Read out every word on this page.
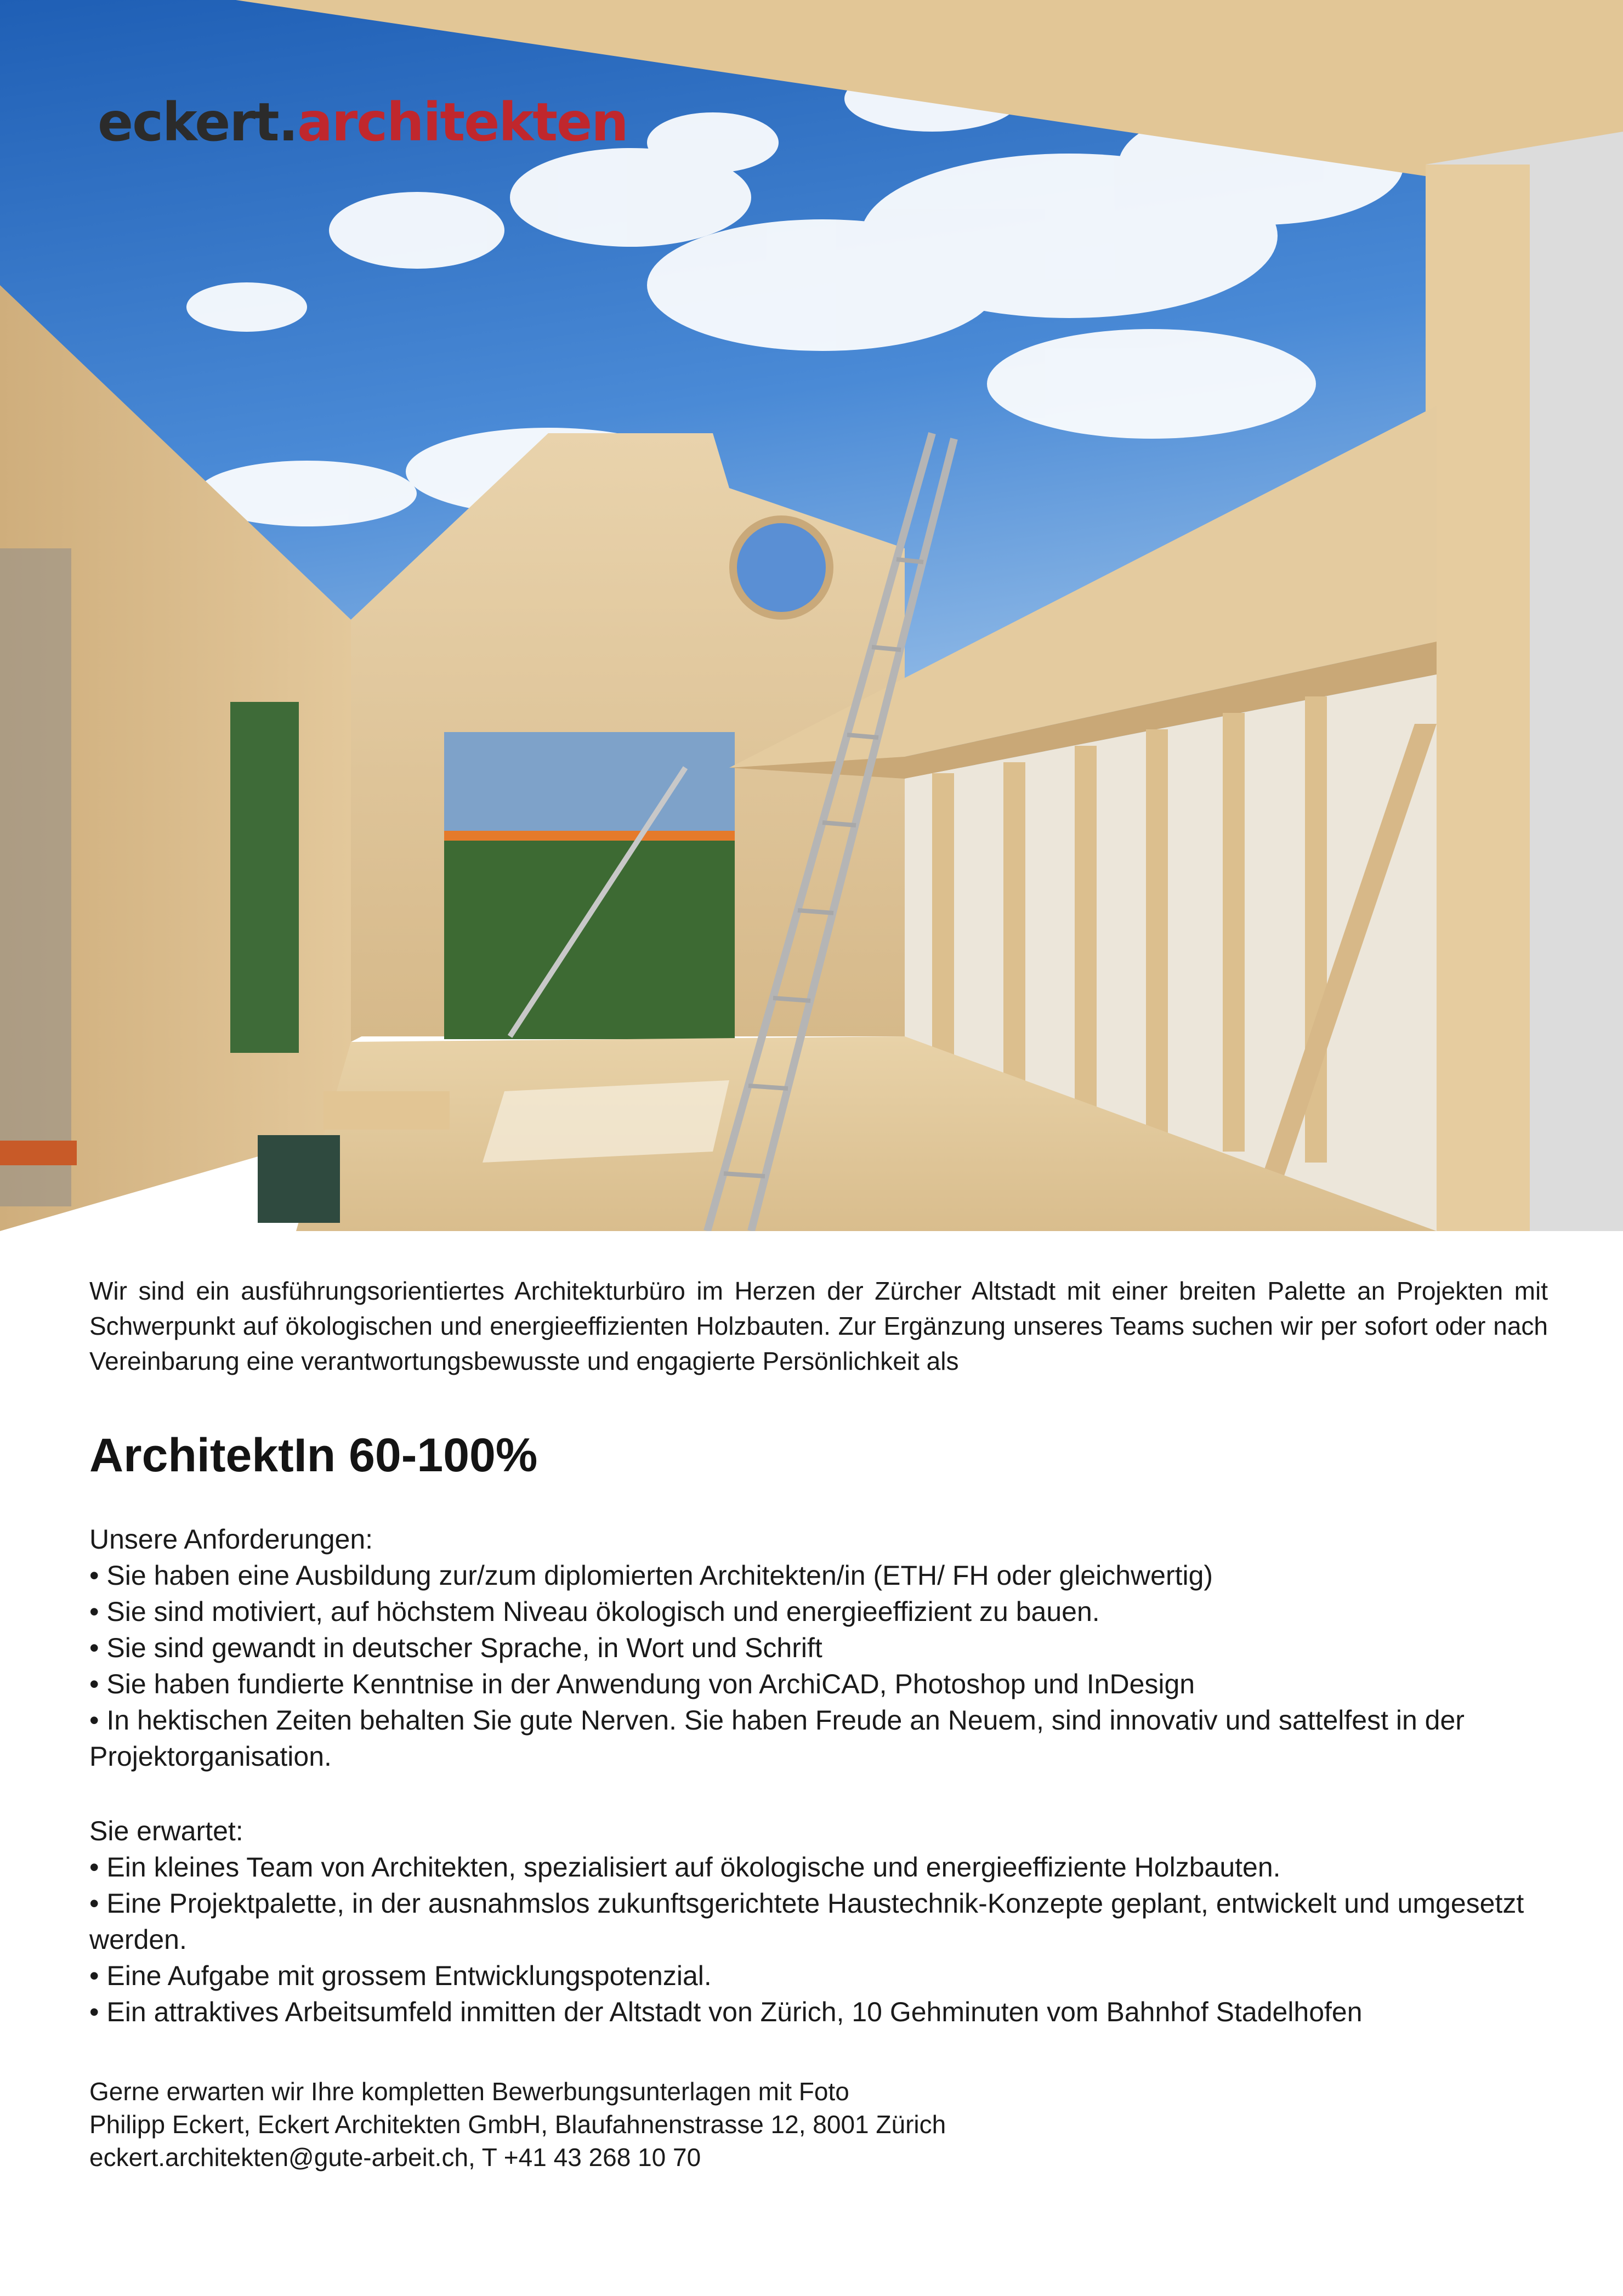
eckert.architekten

Wir sind ein ausführungsorientiertes Architekturbüro im Herzen der Zürcher Altstadt mit einer breiten Palette an Projekten mit Schwerpunkt auf ökologischen und energieeffizienten Holzbauten. Zur Ergänzung unseres Teams suchen wir per sofort oder nach Vereinbarung eine verantwortungsbewusste und engagierte Persönlichkeit als

ArchitektIn 60-100%

Unsere Anforderungen:

• Sie haben eine Ausbildung zur/zum diplomierten Architekten/in (ETH/ FH oder gleichwertig)
• Sie sind motiviert, auf höchstem Niveau ökologisch und energieeffizient zu bauen.
• Sie sind gewandt in deutscher Sprache, in Wort und Schrift
• Sie haben fundierte Kenntnise in der Anwendung von ArchiCAD, Photoshop und InDesign
• In hektischen Zeiten behalten Sie gute Nerven. Sie haben Freude an Neuem, sind innovativ und sattelfest in der Projektorganisation.

Sie erwartet:

• Ein kleines Team von Architekten, spezialisiert auf ökologische und energieeffiziente Holzbauten.
• Eine Projektpalette, in der ausnahmslos zukunftsgerichtete Haustechnik-Konzepte geplant, entwickelt und umgesetzt werden.
• Eine Aufgabe mit grossem Entwicklungspotenzial.
• Ein attraktives Arbeitsumfeld inmitten der Altstadt von Zürich, 10 Gehminuten vom Bahnhof Stadelhofen

Gerne erwarten wir Ihre kompletten Bewerbungsunterlagen mit Foto

Philipp Eckert, Eckert Architekten GmbH, Blaufahnenstrasse 12, 8001 Zürich

eckert.architekten@gute-arbeit.ch, T +41 43 268 10 70
